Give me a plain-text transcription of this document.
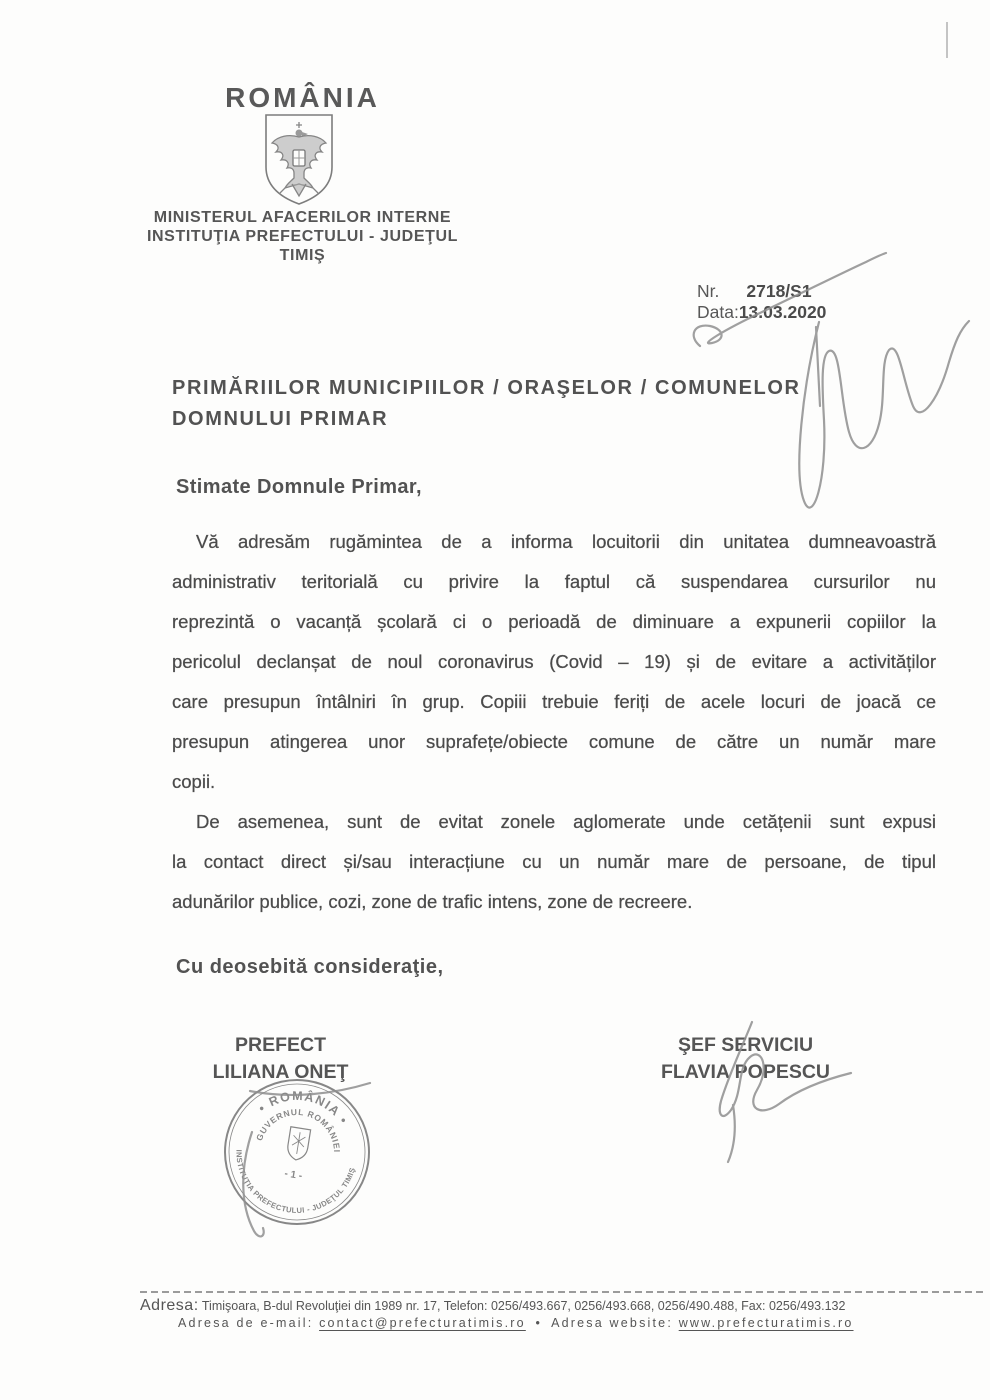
ROMÂNIA
MINISTERUL AFACERILOR INTERNE
INSTITUŢIA PREFECTULUI - JUDEŢUL
TIMIŞ
Nr. 2718/S1
Data:13.03.2020
PRIMĂRIILOR MUNICIPIILOR / ORAŞELOR / COMUNELOR
DOMNULUI PRIMAR
Stimate Domnule Primar,
Vă adresăm rugămintea de a informa locuitorii din unitatea dumneavoastră
administrativ teritorială cu privire la faptul că suspendarea cursurilor nu
reprezintă o vacanță școlară ci o perioadă de diminuare a expunerii copiilor la
pericolul declanșat de noul coronavirus (Covid – 19) și de evitare a activităților
care presupun întâlniri în grup. Copiii trebuie feriți de acele locuri de joacă ce
presupun atingerea unor suprafețe/obiecte comune de către un număr mare
copii.
De asemenea, sunt de evitat zonele aglomerate unde cetățenii sunt expusi
la contact direct și/sau interacțiune cu un număr mare de persoane, de tipul
adunărilor publice, cozi, zone de trafic intens, zone de recreere.
Cu deosebită consideraţie,
PREFECT
LILIANA ONEŢ
ŞEF SERVICIU
FLAVIA POPESCU
• ROMÂNIA •
GUVERNUL ROMÂNIEI
INSTITUŢIA PREFECTULUI - JUDEŢUL TIMIŞ
- 1 -
Adresa: Timişoara, B-dul Revoluţiei din 1989 nr. 17, Telefon: 0256/493.667, 0256/493.668, 0256/490.488, Fax: 0256/493.132
Adresa de e-mail: contact@prefecturatimis.ro • Adresa website: www.prefecturatimis.ro
